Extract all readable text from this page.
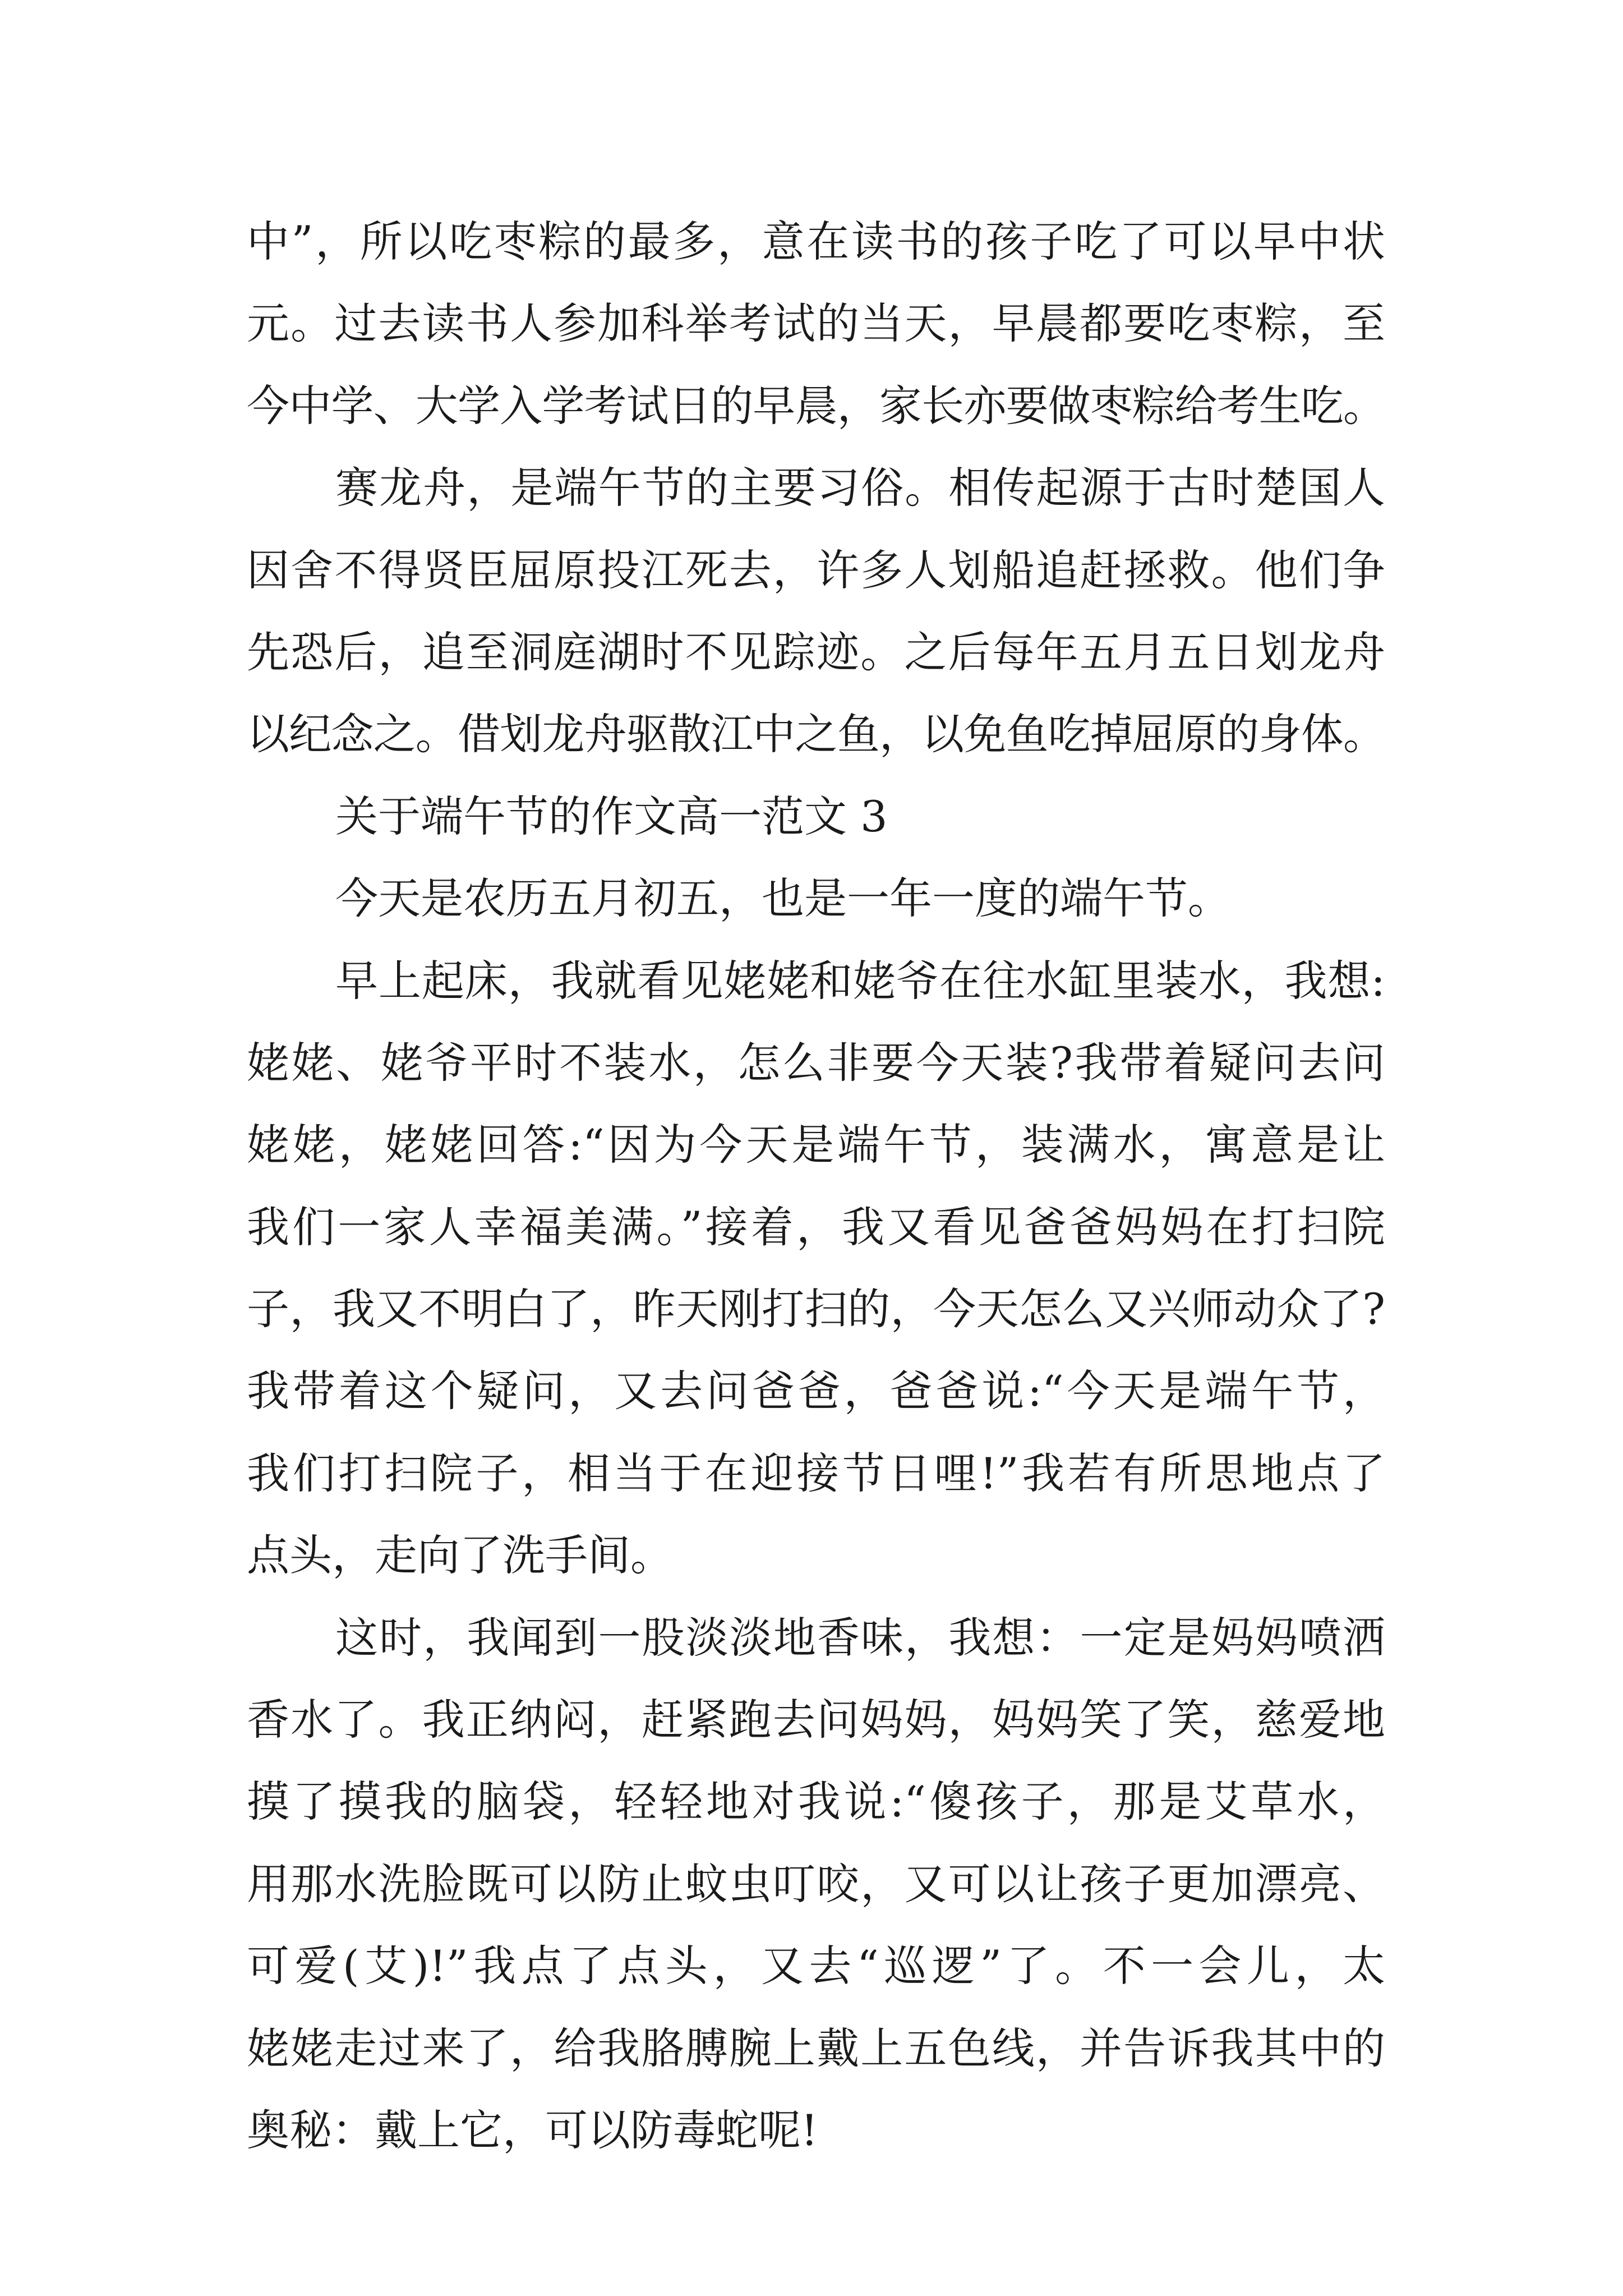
中”，所以吃枣粽的最多，意在读书的孩子吃了可以早中状
元。过去读书人参加科举考试的当天，早晨都要吃枣粽，至
今中学、大学入学考试日的早晨，家长亦要做枣粽给考生吃。
赛龙舟，是端午节的主要习俗。相传起源于古时楚国人
因舍不得贤臣屈原投江死去，许多人划船追赶拯救。他们争
先恐后，追至洞庭湖时不见踪迹。之后每年五月五日划龙舟
以纪念之。借划龙舟驱散江中之鱼，以免鱼吃掉屈原的身体。
关于端午节的作文高一范文 3
今天是农历五月初五，也是一年一度的端午节。
早上起床，我就看见姥姥和姥爷在往水缸里装水，我想:
姥姥、姥爷平时不装水，怎么非要今天装?我带着疑问去问
姥姥，姥姥回答:“因为今天是端午节，装满水，寓意是让
我们一家人幸福美满。”接着，我又看见爸爸妈妈在打扫院
子，我又不明白了，昨天刚打扫的，今天怎么又兴师动众了?
我带着这个疑问，又去问爸爸，爸爸说:“今天是端午节，
我们打扫院子，相当于在迎接节日哩!”我若有所思地点了
点头，走向了洗手间。
这时，我闻到一股淡淡地香味，我想：一定是妈妈喷洒
香水了。我正纳闷，赶紧跑去问妈妈，妈妈笑了笑，慈爱地
摸了摸我的脑袋，轻轻地对我说:“傻孩子，那是艾草水，
用那水洗脸既可以防止蚊虫叮咬，又可以让孩子更加漂亮、
可爱(艾)!”我点了点头，又去“巡逻”了。不一会儿，太
姥姥走过来了，给我胳膊腕上戴上五色线，并告诉我其中的
奥秘：戴上它，可以防毒蛇呢!
